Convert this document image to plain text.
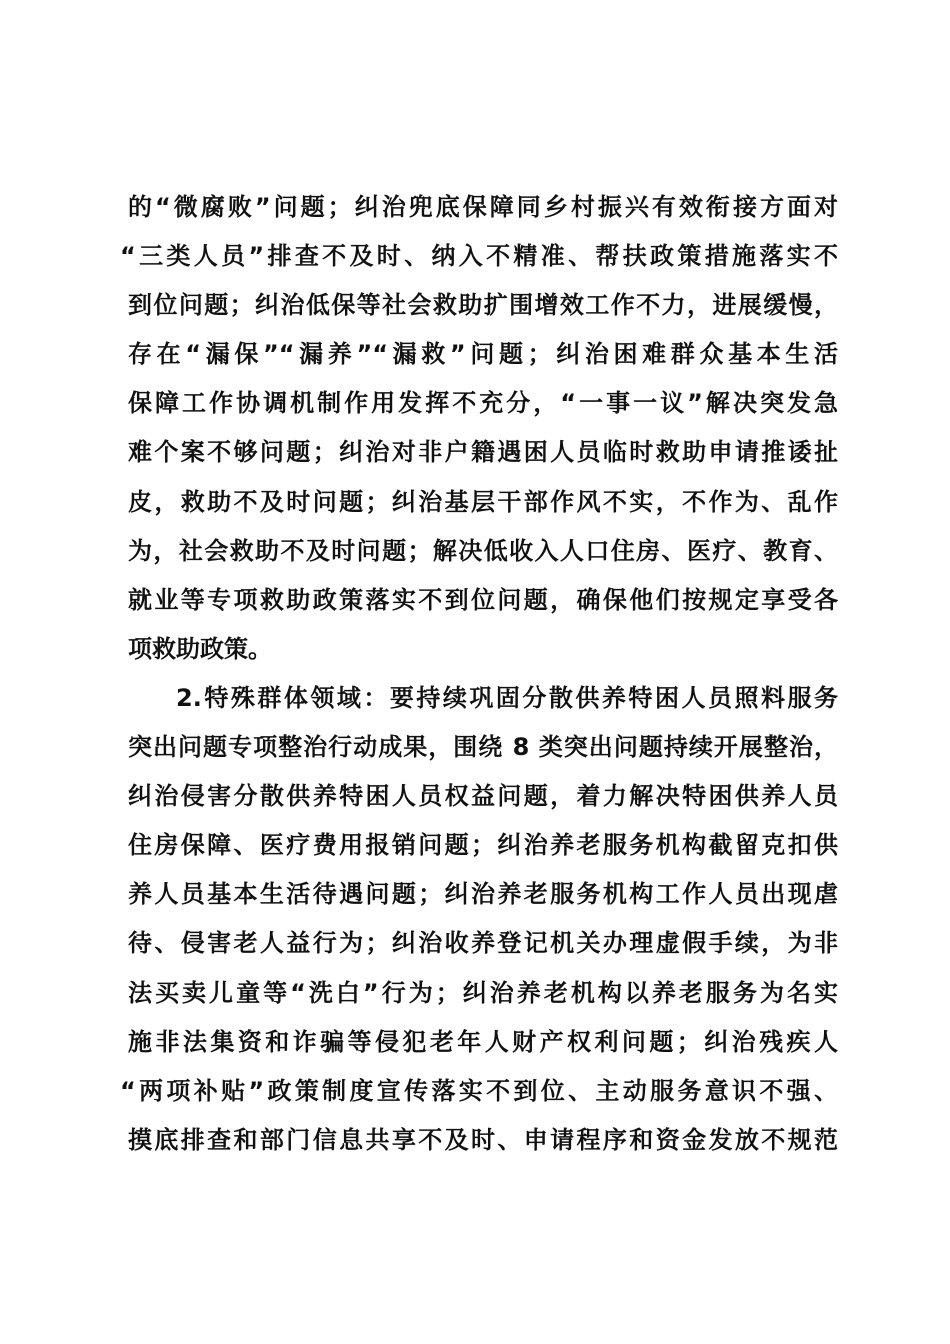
的“微腐败”问题；纠治兜底保障同乡村振兴有效衔接方面对
“三类人员”排查不及时、纳入不精准、帮扶政策措施落实不
到位问题；纠治低保等社会救助扩围增效工作不力，进展缓慢，
存在“漏保”“漏养”“漏救”问题；纠治困难群众基本生活
保障工作协调机制作用发挥不充分，“一事一议”解决突发急
难个案不够问题；纠治对非户籍遇困人员临时救助申请推诿扯
皮，救助不及时问题；纠治基层干部作风不实，不作为、乱作
为，社会救助不及时问题；解决低收入人口住房、医疗、教育、
就业等专项救助政策落实不到位问题，确保他们按规定享受各
项救助政策。
2.特殊群体领域：要持续巩固分散供养特困人员照料服务
突出问题专项整治行动成果，围绕 8 类突出问题持续开展整治，
纠治侵害分散供养特困人员权益问题，着力解决特困供养人员
住房保障、医疗费用报销问题；纠治养老服务机构截留克扣供
养人员基本生活待遇问题；纠治养老服务机构工作人员出现虐
待、侵害老人益行为；纠治收养登记机关办理虚假手续，为非
法买卖儿童等“洗白”行为；纠治养老机构以养老服务为名实
施非法集资和诈骗等侵犯老年人财产权利问题；纠治残疾人
“两项补贴”政策制度宣传落实不到位、主动服务意识不强、
摸底排查和部门信息共享不及时、申请程序和资金发放不规范
